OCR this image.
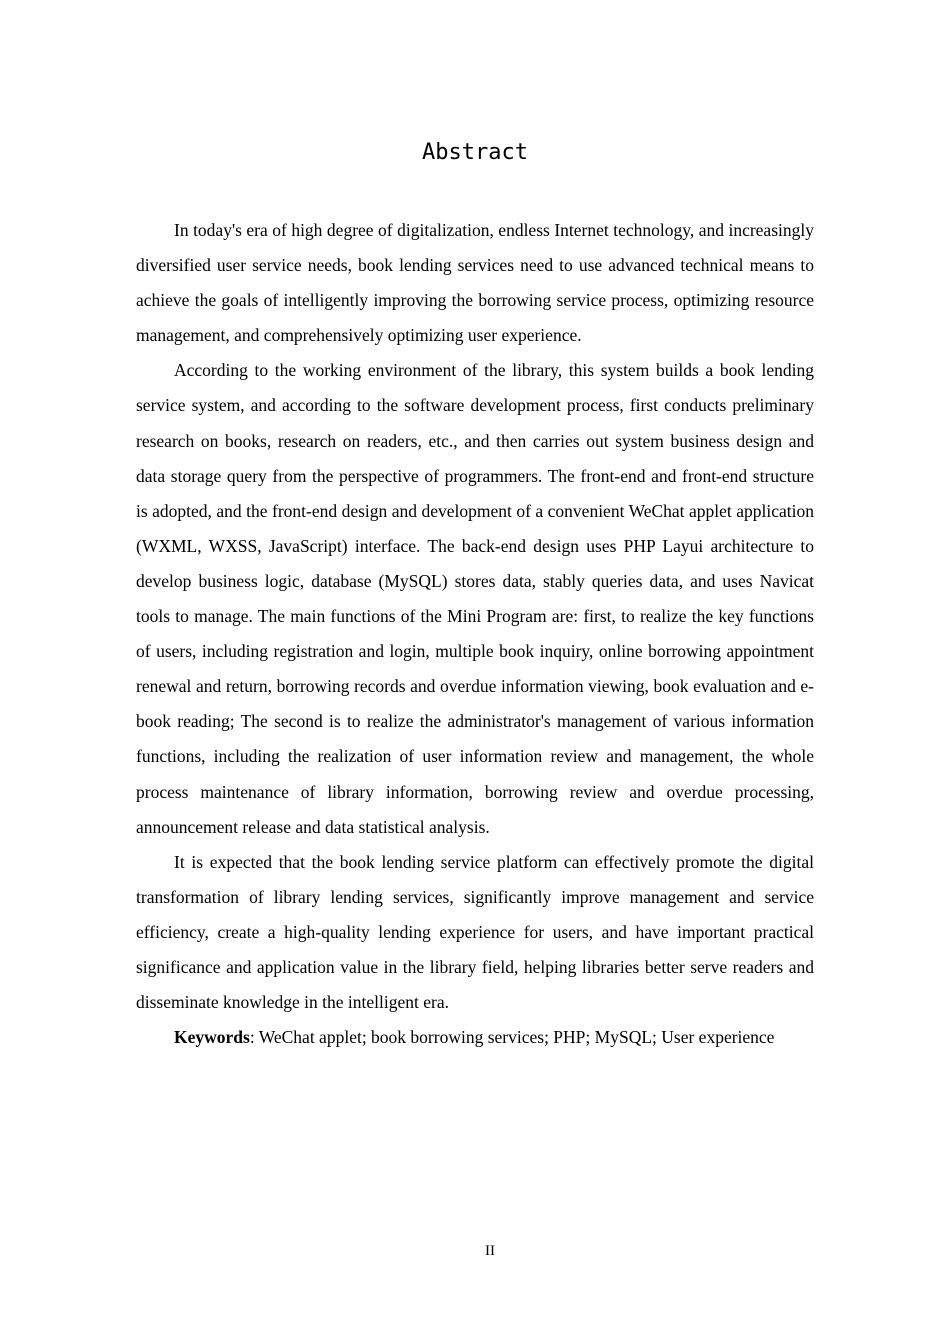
Abstract

In today's era of high degree of digitalization, endless Internet technology, and increasingly diversified user service needs, book lending services need to use advanced technical means to achieve the goals of intelligently improving the borrowing service process, optimizing resource management, and comprehensively optimizing user experience.

According to the working environment of the library, this system builds a book lending service system, and according to the software development process, first conducts preliminary research on books, research on readers, etc., and then carries out system business design and data storage query from the perspective of programmers. The front-end and front-end structure is adopted, and the front-end design and development of a convenient WeChat applet application (WXML, WXSS, JavaScript) interface. The back-end design uses PHP Layui architecture to develop business logic, database (MySQL) stores data, stably queries data, and uses Navicat tools to manage. The main functions of the Mini Program are: first, to realize the key functions of users, including registration and login, multiple book inquiry, online borrowing appointment renewal and return, borrowing records and overdue information viewing, book evaluation and e-book reading; The second is to realize the administrator's management of various information functions, including the realization of user information review and management, the whole process maintenance of library information, borrowing review and overdue processing, announcement release and data statistical analysis.

It is expected that the book lending service platform can effectively promote the digital transformation of library lending services, significantly improve management and service efficiency, create a high-quality lending experience for users, and have important practical significance and application value in the library field, helping libraries better serve readers and disseminate knowledge in the intelligent era.

Keywords: WeChat applet; book borrowing services; PHP; MySQL; User experience

II
